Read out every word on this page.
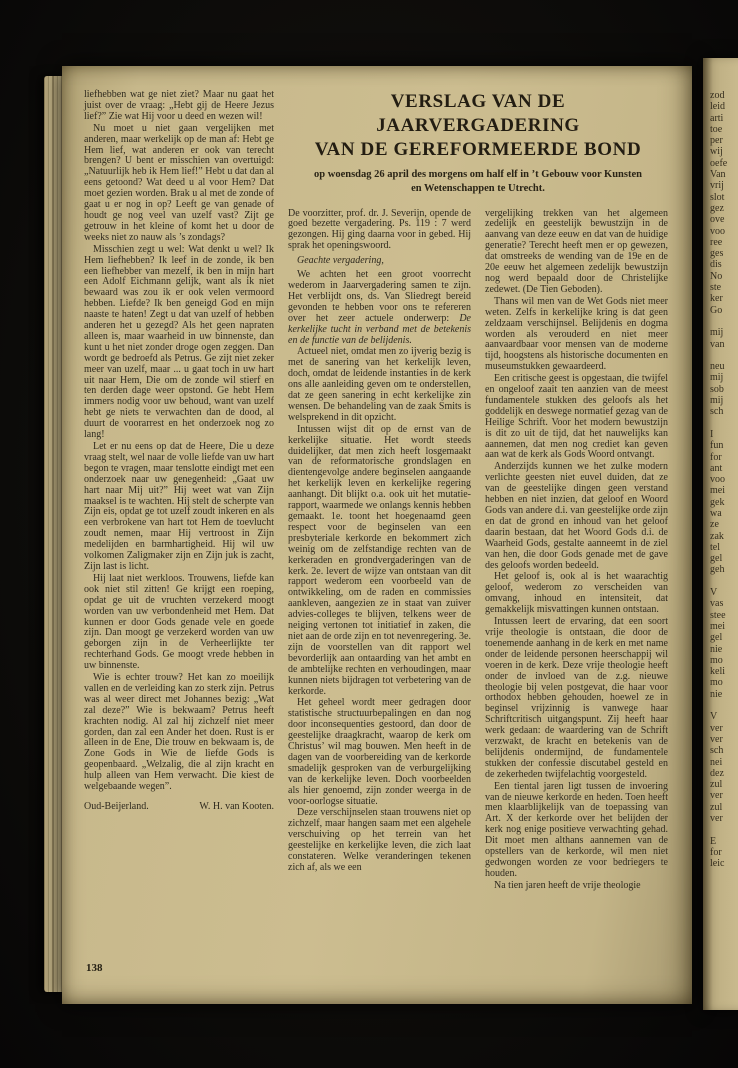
liefhebben wat ge niet ziet? Maar nu gaat het juist over de vraag: „Hebt gij de Heere Jezus lief?” Zie wat Hij voor u deed en wezen wil!

Nu moet u niet gaan vergelijken met anderen, maar werkelijk op de man af: Hebt ge Hem lief, wat anderen er ook van terecht brengen? U bent er misschien van overtuigd: „Natuurlijk heb ik Hem lief!” Hebt u dat dan al eens getoond? Wat deed u al voor Hem? Dat moet gezien worden. Brak u al met de zonde of gaat u er nog in op? Leeft ge van genade of houdt ge nog veel van uzelf vast? Zijt ge getrouw in het kleine of komt het u door de weeks niet zo nauw als ’s zondags?

Misschien zegt u wel: Wat denkt u wel? Ik Hem liefhebben? Ik leef in de zonde, ik ben een liefhebber van mezelf, ik ben in mijn hart een Adolf Eichmann gelijk, want als ik niet bewaard was zou ik er ook velen vermoord hebben. Liefde? Ik ben geneigd God en mijn naaste te haten! Zegt u dat van uzelf of hebben anderen het u gezegd? Als het geen napraten alleen is, maar waarheid in uw binnenste, dan kunt u het niet zonder droge ogen zeggen. Dan wordt ge bedroefd als Petrus. Ge zijt niet zeker meer van uzelf, maar ... u gaat toch in uw hart uit naar Hem, Die om de zonde wil stierf en ten derden dage weer opstond. Ge hebt Hem immers nodig voor uw behoud, want van uzelf hebt ge niets te verwachten dan de dood, al duurt de voorarrest en het onderzoek nog zo lang!

Let er nu eens op dat de Heere, Die u deze vraag stelt, wel naar de volle liefde van uw hart begon te vragen, maar tenslotte eindigt met een onderzoek naar uw genegenheid: „Gaat uw hart naar Mij uit?” Hij weet wat van Zijn maaksel is te wachten. Hij stelt de scherpte van Zijn eis, opdat ge tot uzelf zoudt inkeren en als een verbrokene van hart tot Hem de toevlucht zoudt nemen, maar Hij vertroost in Zijn medelijden en barmhartigheid. Hij wil uw volkomen Zaligmaker zijn en Zijn juk is zacht, Zijn last is licht.

Hij laat niet werkloos. Trouwens, liefde kan ook niet stil zitten! Ge krijgt een roeping, opdat ge uit de vruchten verzekerd moogt worden van uw verbondenheid met Hem. Dat kunnen er door Gods genade vele en goede zijn. Dan moogt ge verzekerd worden van uw geborgen zijn in de Verheerlijkte ter rechterhand Gods. Ge moogt vrede hebben in uw binnenste.

Wie is echter trouw? Het kan zo moeilijk vallen en de verleiding kan zo sterk zijn. Petrus was al weer direct met Johannes bezig: „Wat zal deze?” Wie is bekwaam? Petrus heeft krachten nodig. Al zal hij zichzelf niet meer gorden, dan zal een Ander het doen. Rust is er alleen in de Ene, Die trouw en bekwaam is, de Zone Gods in Wie de liefde Gods is geopenbaard. „Welzalig, die al zijn kracht en hulp alleen van Hem verwacht. Die kiest de welgebaande wegen”.

Oud-Beijerland.	W. H. van Kooten.
VERSLAG VAN DE JAARVERGADERING
VAN DE GEREFORMEERDE BOND
op woensdag 26 april des morgens om half elf in ’t Gebouw voor Kunsten en Wetenschappen te Utrecht.

De voorzitter, prof. dr. J. Severijn, opende de goed bezette vergadering. Ps. 119 : 7 werd gezongen. Hij ging daarna voor in gebed. Hij sprak het openingswoord.

Geachte vergadering,

We achten het een groot voorrecht wederom in Jaarvergadering samen te zijn. Het verblijdt ons, ds. Van Sliedregt bereid gevonden te hebben voor ons te refereren over het zeer actuele onderwerp: De kerkelijke tucht in verband met de betekenis en de functie van de belijdenis.

Actueel niet, omdat men zo ijverig bezig is met de sanering van het kerkelijk leven, doch, omdat de leidende instanties in de kerk ons alle aanleiding geven om te onderstellen, dat ze geen sanering in echt kerkelijke zin wensen. De behandeling van de zaak Smits is welsprekend in dit opzicht.

Intussen wijst dit op de ernst van de kerkelijke situatie. Het wordt steeds duidelijker, dat men zich heeft losgemaakt van de reformatorische grondslagen en dientengevolge andere beginselen aangaande het kerkelijk leven en kerkelijke regering aanhangt. Dit blijkt o.a. ook uit het mutatie-rapport, waarmede we onlangs kennis hebben gemaakt. 1e. toont het hoegenaamd geen respect voor de beginselen van een presbyteriale kerkorde en bekommert zich weinig om de zelfstandige rechten van de kerkeraden en grondvergaderingen van de kerk. 2e. levert de wijze van ontstaan van dit rapport wederom een voorbeeld van de ontwikkeling, om de raden en commissies aankleven, aangezien ze in staat van zuiver advies-colleges te blijven, telkens weer de neiging vertonen tot initiatief in zaken, die niet aan de orde zijn en tot nevenregering. 3e. zijn de voorstellen van dit rapport wel bevorderlijk aan ontaarding van het ambt en de ambtelijke rechten en verhoudingen, maar kunnen niets bijdragen tot verbetering van de kerkorde.

Het geheel wordt meer gedragen door statistische structuurbepalingen en dan nog door inconsequenties gestoord, dan door de geestelijke draagkracht, waarop de kerk om Christus’ wil mag bouwen. Men heeft in de dagen van de voorbereiding van de kerkorde smadelijk gesproken van de verburgelijking van de kerkelijke leven. Doch voorbeelden als hier genoemd, zijn zonder weerga in de voor-oorlogse situatie.

Deze verschijnselen staan trouwens niet op zichzelf, maar hangen saam met een algehele verschuiving op het terrein van het geestelijke en kerkelijke leven, die zich laat constateren. Welke veranderingen tekenen zich af, als we een

vergelijking trekken van het algemeen zedelijk en geestelijk bewustzijn in de aanvang van deze eeuw en dat van de huidige generatie? Terecht heeft men er op gewezen, dat omstreeks de wending van de 19e en de 20e eeuw het algemeen zedelijk bewustzijn nog werd bepaald door de Christelijke zedewet. (De Tien Geboden).

Thans wil men van de Wet Gods niet meer weten. Zelfs in kerkelijke kring is dat geen zeldzaam verschijnsel. Belijdenis en dogma worden als verouderd en niet meer aanvaardbaar voor mensen van de moderne tijd, hoogstens als historische documenten en museumstukken gewaardeerd.

Een critische geest is opgestaan, die twijfel en ongeloof zaait ten aanzien van de meest fundamentele stukken des geloofs als het goddelijk en deswege normatief gezag van de Heilige Schrift. Voor het modern bewustzijn is dit zo uit de tijd, dat het nauwelijks kan aannemen, dat men nog crediet kan geven aan wat de kerk als Gods Woord ontvangt.

Anderzijds kunnen we het zulke modern verlichte geesten niet euvel duiden, dat ze van de geestelijke dingen geen verstand hebben en niet inzien, dat geloof en Woord Gods van andere d.i. van geestelijke orde zijn en dat de grond en inhoud van het geloof daarin bestaan, dat het Woord Gods d.i. de Waarheid Gods, gestalte aanneemt in de ziel van hen, die door Gods genade met de gave des geloofs worden bedeeld.

Het geloof is, ook al is het waarachtig geloof, wederom zo verscheiden van omvang, inhoud en intensiteit, dat gemakkelijk misvattingen kunnen ontstaan.

Intussen leert de ervaring, dat een soort vrije theologie is ontstaan, die door de toenemende aanhang in de kerk en met name onder de leidende personen heerschappij wil voeren in de kerk. Deze vrije theologie heeft onder de invloed van de z.g. nieuwe theologie bij velen postgevat, die haar voor orthodox hebben gehouden, hoewel ze in beginsel vrijzinnig is vanwege haar Schriftcritisch uitgangspunt. Zij heeft haar werk gedaan: de waardering van de Schrift verzwakt, de kracht en betekenis van de belijdenis ondermijnd, de fundamentele stukken der confessie discutabel gesteld en de zekerheden twijfelachtig voorgesteld.

Een tiental jaren ligt tussen de invoering van de nieuwe kerkorde en heden. Toen heeft men klaarblijkelijk van de toepassing van Art. X der kerkorde over het belijden der kerk nog enige positieve verwachting gehad. Dit moet men althans aannemen van de opstellers van de kerkorde, wil men niet gedwongen worden ze voor bedriegers te houden.

Na tien jaren heeft de vrije theologie

138

zod

leid

arti

toe

per

wij

oefe

Van

vrij

slot

gez

ove

voo

ree

ges

dis

No

ste

ker

Go

mij

van

neu

mij

sob

mij

sch

I

fun

for

ant

voo

mei

gek

wa

ze

zak

tel

gel

geh

V

vas

stee

mei

gel

nie

mo

keli

mo

nie

V

ver

ver

sch

nei

dez

zul

ver

zul

ver

E

for

leic
